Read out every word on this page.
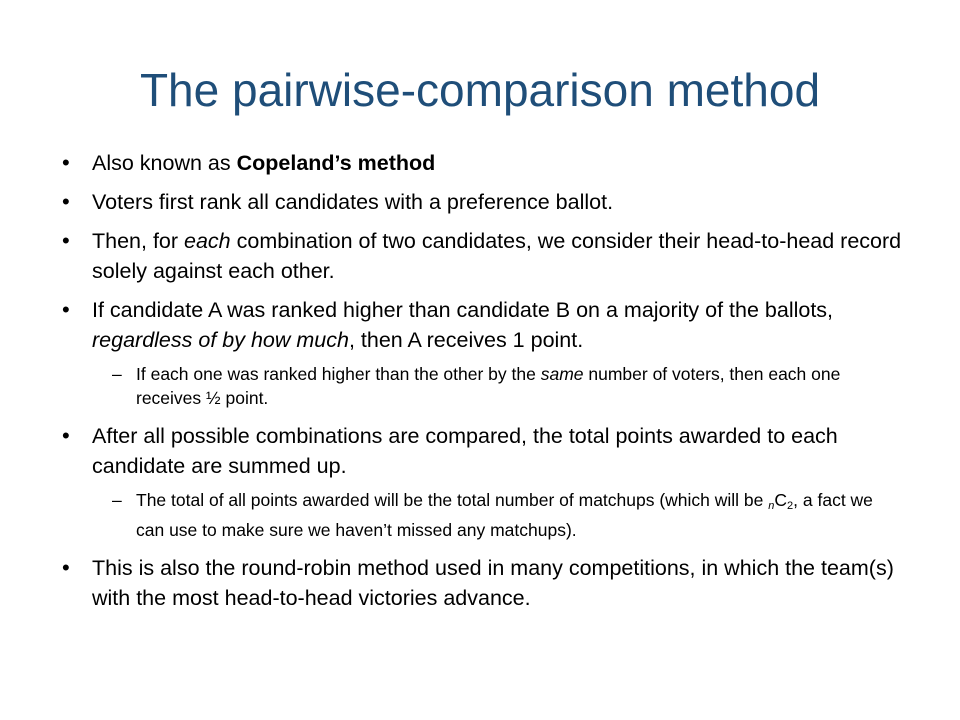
The pairwise-comparison method
• Also known as Copeland’s method
• Voters first rank all candidates with a preference ballot.
• Then, for each combination of two candidates, we consider their head-to-head record solely against each other.
• If candidate A was ranked higher than candidate B on a majority of the ballots, regardless of by how much, then A receives 1 point.
– If each one was ranked higher than the other by the same number of voters, then each one receives ½ point.
• After all possible combinations are compared, the total points awarded to each candidate are summed up.
– The total of all points awarded will be the total number of matchups (which will be $_nC_2$, a fact we can use to make sure we haven’t missed any matchups).
• This is also the round-robin method used in many competitions, in which the team(s) with the most head-to-head victories advance.
